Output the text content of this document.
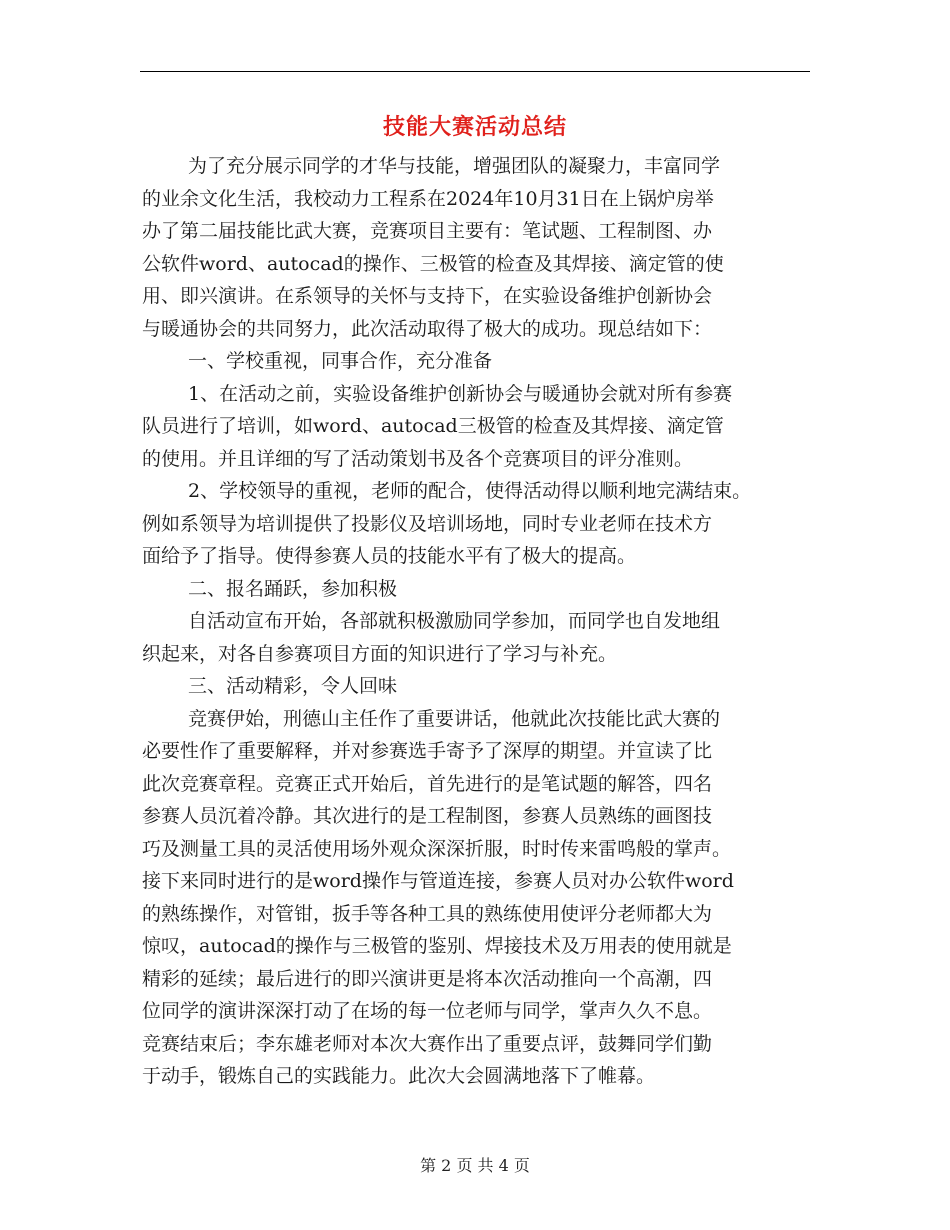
技能大赛活动总结
为了充分展示同学的才华与技能，增强团队的凝聚力，丰富同学
的业余文化生活，我校动力工程系在2024年10月31日在上锅炉房举
办了第二届技能比武大赛，竞赛项目主要有：笔试题、工程制图、办
公软件word、autocad的操作、三极管的检查及其焊接、滴定管的使
用、即兴演讲。在系领导的关怀与支持下，在实验设备维护创新协会
与暖通协会的共同努力，此次活动取得了极大的成功。现总结如下：
一、学校重视，同事合作，充分准备
1、在活动之前，实验设备维护创新协会与暖通协会就对所有参赛
队员进行了培训，如word、autocad三极管的检查及其焊接、滴定管
的使用。并且详细的写了活动策划书及各个竞赛项目的评分准则。
2、学校领导的重视，老师的配合，使得活动得以顺利地完满结束。
例如系领导为培训提供了投影仪及培训场地，同时专业老师在技术方
面给予了指导。使得参赛人员的技能水平有了极大的提高。
二、报名踊跃，参加积极
自活动宣布开始，各部就积极激励同学参加，而同学也自发地组
织起来，对各自参赛项目方面的知识进行了学习与补充。
三、活动精彩，令人回味
竞赛伊始，刑德山主任作了重要讲话，他就此次技能比武大赛的
必要性作了重要解释，并对参赛选手寄予了深厚的期望。并宣读了比
此次竞赛章程。竞赛正式开始后，首先进行的是笔试题的解答，四名
参赛人员沉着冷静。其次进行的是工程制图，参赛人员熟练的画图技
巧及测量工具的灵活使用场外观众深深折服，时时传来雷鸣般的掌声。
接下来同时进行的是word操作与管道连接，参赛人员对办公软件word
的熟练操作，对管钳，扳手等各种工具的熟练使用使评分老师都大为
惊叹，autocad的操作与三极管的鉴别、焊接技术及万用表的使用就是
精彩的延续；最后进行的即兴演讲更是将本次活动推向一个高潮，四
位同学的演讲深深打动了在场的每一位老师与同学，掌声久久不息。
竞赛结束后；李东雄老师对本次大赛作出了重要点评，鼓舞同学们勤
于动手，锻炼自己的实践能力。此次大会圆满地落下了帷幕。
第 2 页 共 4 页
